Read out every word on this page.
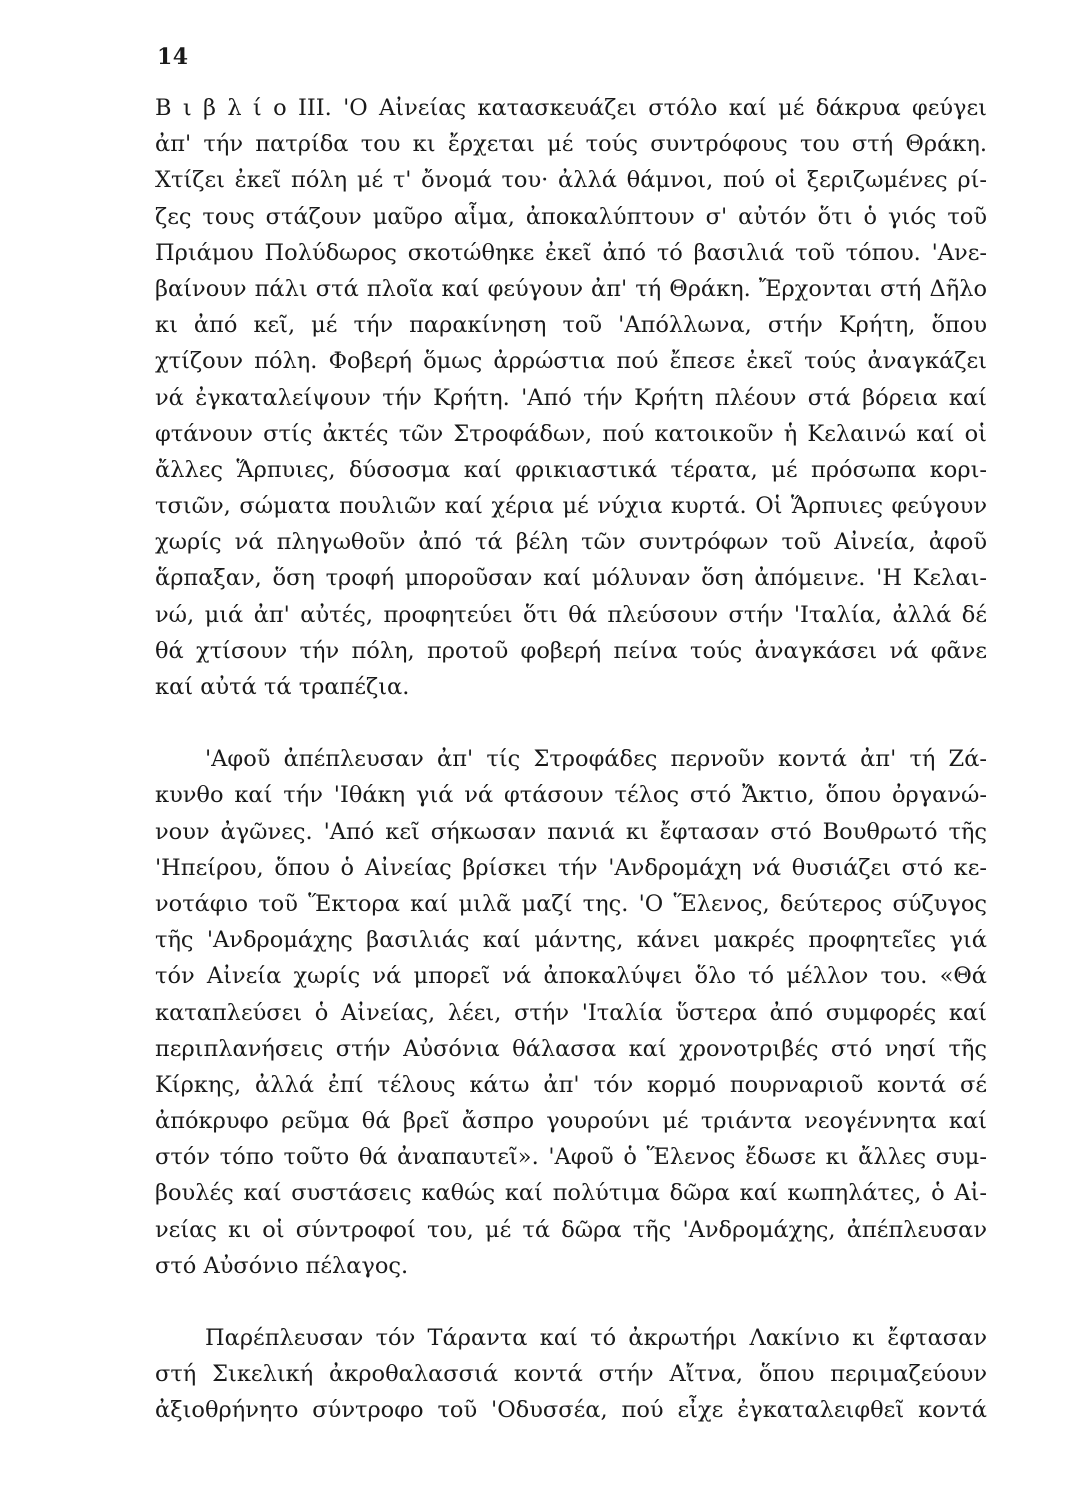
14
B ι β λ ί ο III. 'Ο Αἰνείας κατασκευάζει στόλο καί μέ δάκρυα φεύγει
ἀπ' τήν πατρίδα του κι ἔρχεται μέ τούς συντρόφους του στή Θράκη.
Χτίζει ἐκεῖ πόλη μέ τ' ὄνομά του· ἀλλά θάμνοι, πού οἱ ξεριζωμένες ρί-
ζες τους στάζουν μαῦρο αἷμα, ἀποκαλύπτουν σ' αὐτόν ὅτι ὁ γιός τοῦ
Πριάμου Πολύδωρος σκοτώθηκε ἐκεῖ ἀπό τό βασιλιά τοῦ τόπου. 'Ανε-
βαίνουν πάλι στά πλοῖα καί φεύγουν ἀπ' τή Θράκη. Ἔρχονται στή Δῆλο
κι ἀπό κεῖ, μέ τήν παρακίνηση τοῦ 'Απόλλωνα, στήν Κρήτη, ὅπου
χτίζουν πόλη. Φοβερή ὅμως ἀρρώστια πού ἔπεσε ἐκεῖ τούς ἀναγκάζει
νά ἐγκαταλείψουν τήν Κρήτη. 'Από τήν Κρήτη πλέουν στά βόρεια καί
φτάνουν στίς ἀκτές τῶν Στροφάδων, πού κατοικοῦν ἡ Κελαινώ καί οἱ
ἄλλες Ἅρπυιες, δύσοσμα καί φρικιαστικά τέρατα, μέ πρόσωπα κορι-
τσιῶν, σώματα πουλιῶν καί χέρια μέ νύχια κυρτά. Οἱ Ἅρπυιες φεύγουν
χωρίς νά πληγωθοῦν ἀπό τά βέλη τῶν συντρόφων τοῦ Αἰνεία, ἀφοῦ
ἅρπαξαν, ὅση τροφή μποροῦσαν καί μόλυναν ὅση ἀπόμεινε. 'Η Κελαι-
νώ, μιά ἀπ' αὐτές, προφητεύει ὅτι θά πλεύσουν στήν 'Ιταλία, ἀλλά δέ
θά χτίσουν τήν πόλη, προτοῦ φοβερή πείνα τούς ἀναγκάσει νά φᾶνε
καί αὐτά τά τραπέζια.
'Αφοῦ ἀπέπλευσαν ἀπ' τίς Στροφάδες περνοῦν κοντά ἀπ' τή Ζά-
κυνθο καί τήν 'Ιθάκη γιά νά φτάσουν τέλος στό Ἄκτιο, ὅπου ὀργανώ-
νουν ἀγῶνες. 'Από κεῖ σήκωσαν πανιά κι ἔφτασαν στό Βουθρωτό τῆς
'Ηπείρου, ὅπου ὁ Αἰνείας βρίσκει τήν 'Ανδρομάχη νά θυσιάζει στό κε-
νοτάφιο τοῦ Ἕκτορα καί μιλᾶ μαζί της. 'Ο Ἕλενος, δεύτερος σύζυγος
τῆς 'Ανδρομάχης βασιλιάς καί μάντης, κάνει μακρές προφητεῖες γιά
τόν Αἰνεία χωρίς νά μπορεῖ νά ἀποκαλύψει ὅλο τό μέλλον του. «Θά
καταπλεύσει ὁ Αἰνείας, λέει, στήν 'Ιταλία ὕστερα ἀπό συμφορές καί
περιπλανήσεις στήν Αὐσόνια θάλασσα καί χρονοτριβές στό νησί τῆς
Κίρκης, ἀλλά ἐπί τέλους κάτω ἀπ' τόν κορμό πουρναριοῦ κοντά σέ
ἀπόκρυφο ρεῦμα θά βρεῖ ἄσπρο γουρούνι μέ τριάντα νεογέννητα καί
στόν τόπο τοῦτο θά ἀναπαυτεῖ». 'Αφοῦ ὁ Ἕλενος ἔδωσε κι ἄλλες συμ-
βουλές καί συστάσεις καθώς καί πολύτιμα δῶρα καί κωπηλάτες, ὁ Αἰ-
νείας κι οἱ σύντροφοί του, μέ τά δῶρα τῆς 'Ανδρομάχης, ἀπέπλευσαν
στό Αὐσόνιο πέλαγος.
Παρέπλευσαν τόν Τάραντα καί τό ἀκρωτήρι Λακίνιο κι ἔφτασαν
στή Σικελική ἀκροθαλασσιά κοντά στήν Αἴτνα, ὅπου περιμαζεύουν
ἀξιοθρήνητο σύντροφο τοῦ 'Οδυσσέα, πού εἶχε ἐγκαταλειφθεῖ κοντά
